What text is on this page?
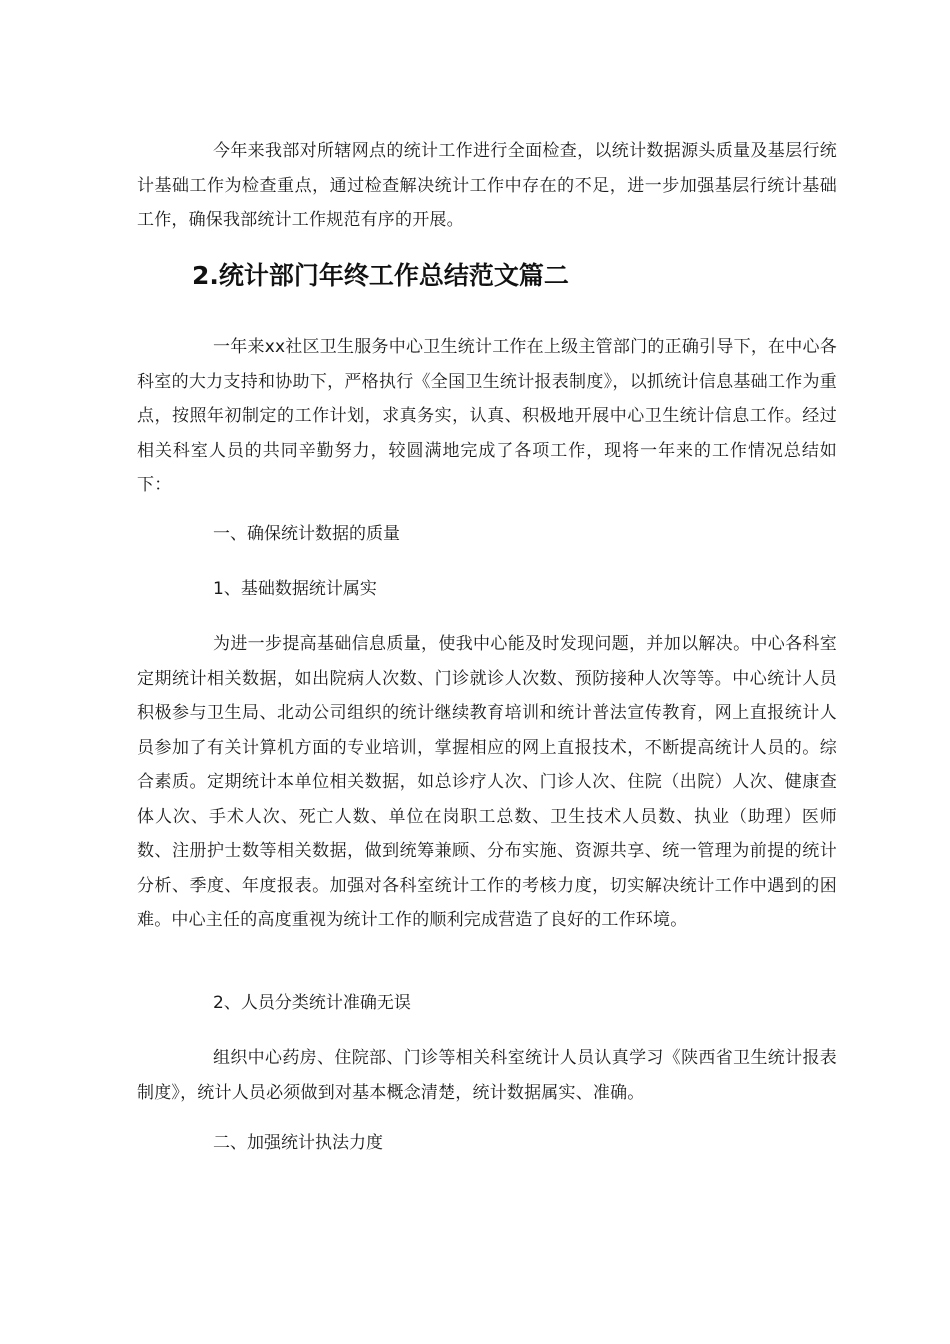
今年来我部对所辖网点的统计工作进行全面检查，以统计数据源头质量及基层行统计基础工作为检查重点，通过检查解决统计工作中存在的不足，进一步加强基层行统计基础工作，确保我部统计工作规范有序的开展。

2.统计部门年终工作总结范文篇二

一年来xx社区卫生服务中心卫生统计工作在上级主管部门的正确引导下，在中心各科室的大力支持和协助下，严格执行《全国卫生统计报表制度》，以抓统计信息基础工作为重点，按照年初制定的工作计划，求真务实，认真、积极地开展中心卫生统计信息工作。经过相关科室人员的共同辛勤努力，较圆满地完成了各项工作，现将一年来的工作情况总结如下：

一、确保统计数据的质量

1、基础数据统计属实

为进一步提高基础信息质量，使我中心能及时发现问题，并加以解决。中心各科室定期统计相关数据，如出院病人次数、门诊就诊人次数、预防接种人次等等。中心统计人员积极参与卫生局、北动公司组织的统计继续教育培训和统计普法宣传教育，网上直报统计人员参加了有关计算机方面的专业培训，掌握相应的网上直报技术，不断提高统计人员的。综合素质。定期统计本单位相关数据，如总诊疗人次、门诊人次、住院（出院）人次、健康查体人次、手术人次、死亡人数、单位在岗职工总数、卫生技术人员数、执业（助理）医师数、注册护士数等相关数据，做到统筹兼顾、分布实施、资源共享、统一管理为前提的统计分析、季度、年度报表。加强对各科室统计工作的考核力度，切实解决统计工作中遇到的困难。中心主任的高度重视为统计工作的顺利完成营造了良好的工作环境。

2、人员分类统计准确无误

组织中心药房、住院部、门诊等相关科室统计人员认真学习《陕西省卫生统计报表制度》，统计人员必须做到对基本概念清楚，统计数据属实、准确。

二、加强统计执法力度
